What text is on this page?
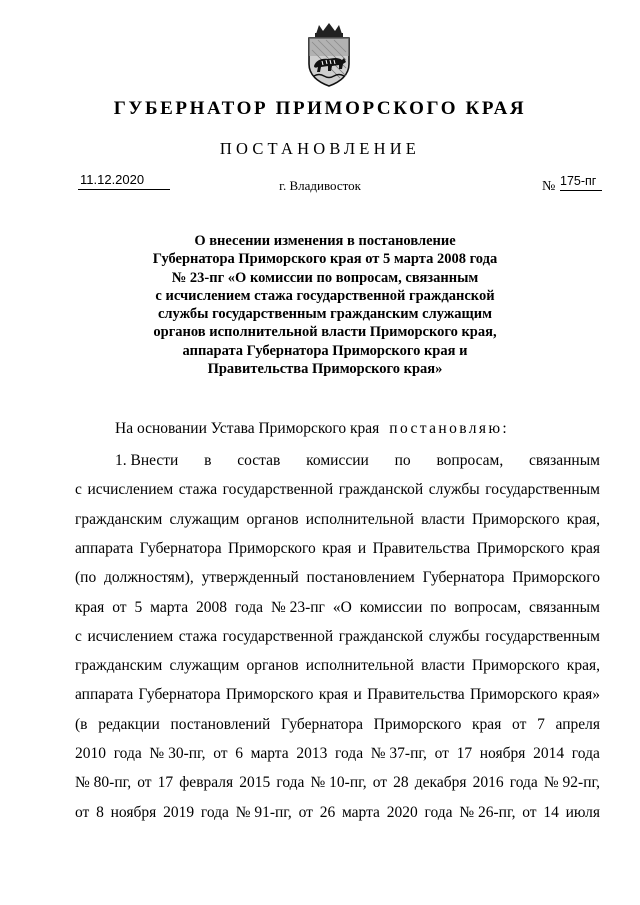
ГУБЕРНАТОР ПРИМОРСКОГО КРАЯ
ПОСТАНОВЛЕНИЕ
11.12.2020	г. Владивосток	№ 175-пг
О внесении изменения в постановление
Губернатора Приморского края от 5 марта 2008 года
№ 23-пг «О комиссии по вопросам, связанным
с исчислением стажа государственной гражданской
службы государственным гражданским служащим
органов исполнительной власти Приморского края,
аппарата Губернатора Приморского края и
Правительства Приморского края»
На основании Устава Приморского края постановляю:
1. Внести в состав комиссии по вопросам, связанным
с исчислением стажа государственной гражданской службы государственным
гражданским служащим органов исполнительной власти Приморского края,
аппарата Губернатора Приморского края и Правительства Приморского края
(по должностям), утвержденный постановлением Губернатора Приморского
края от 5 марта 2008 года № 23-пг «О комиссии по вопросам, связанным
с исчислением стажа государственной гражданской службы государственным
гражданским служащим органов исполнительной власти Приморского края,
аппарата Губернатора Приморского края и Правительства Приморского края»
(в редакции постановлений Губернатора Приморского края от 7 апреля
2010 года № 30-пг, от 6 марта 2013 года № 37-пг, от 17 ноября 2014 года
№ 80-пг, от 17 февраля 2015 года № 10-пг, от 28 декабря 2016 года № 92-пг,
от 8 ноября 2019 года № 91-пг, от 26 марта 2020 года № 26-пг, от 14 июля
